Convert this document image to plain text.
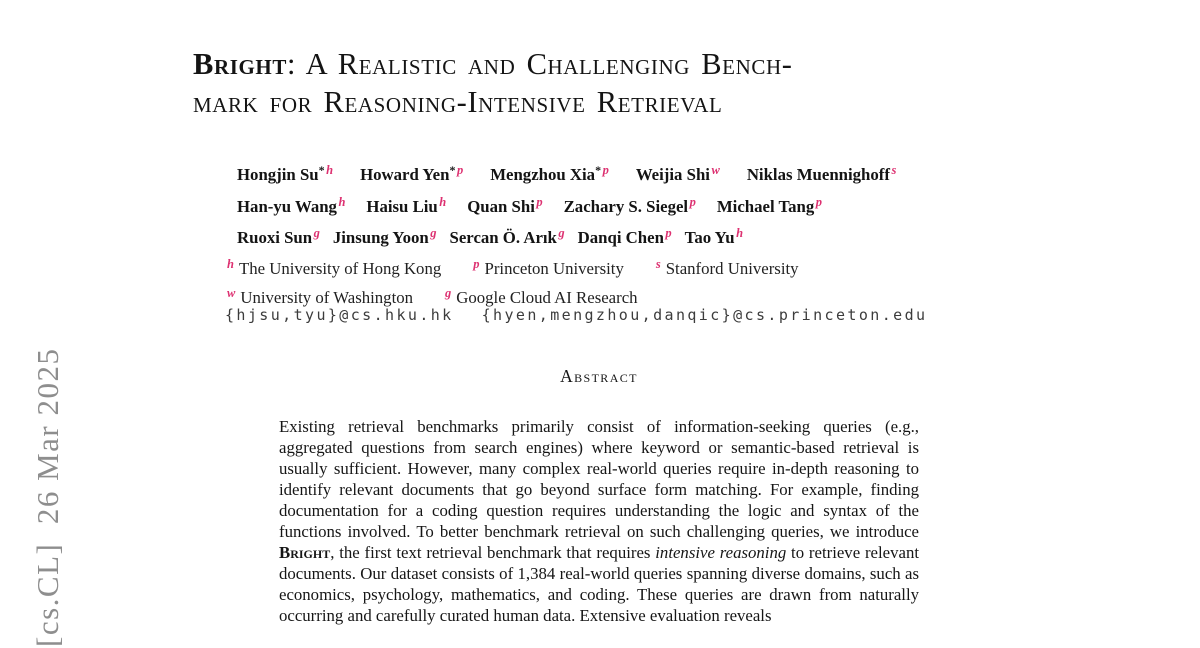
[cs.CL]  26 Mar 2025
Bright: A Realistic and Challenging Bench-
mark for Reasoning-Intensive Retrieval
Hongjin Su* $^h$ Howard Yen* $^p$ Mengzhou Xia* $^p$ Weijia Shi $^w$ Niklas Muennighoff $^s$
Han-yu Wang $^h$ Haisu Liu $^h$ Quan Shi $^p$ Zachary S. Siegel $^p$ Michael Tang $^p$
Ruoxi Sun $^g$ Jinsung Yoon $^g$ Sercan Ö. Arık $^g$ Danqi Chen $^p$ Tao Yu $^h$
$^h$ The University of Hong Kong	$^p$ Princeton University	$^s$ Stanford University
$^w$ University of Washington	$^g$ Google Cloud AI Research
{hjsu,tyu}@cs.hku.hk {hyen,mengzhou,danqic}@cs.princeton.edu
Abstract

Existing retrieval benchmarks primarily consist of information-seeking queries (e.g., aggregated questions from search engines) where keyword or semantic-based retrieval is usually sufficient. However, many complex real-world queries require in-depth reasoning to identify relevant documents that go beyond surface form matching. For example, finding documentation for a coding question requires understanding the logic and syntax of the functions involved. To better benchmark retrieval on such challenging queries, we introduce Bright, the first text retrieval benchmark that requires intensive reasoning to retrieve relevant documents. Our dataset consists of 1,384 real-world queries spanning diverse domains, such as economics, psychology, mathematics, and coding. These queries are drawn from naturally occurring and carefully curated human data. Extensive evaluation reveals
